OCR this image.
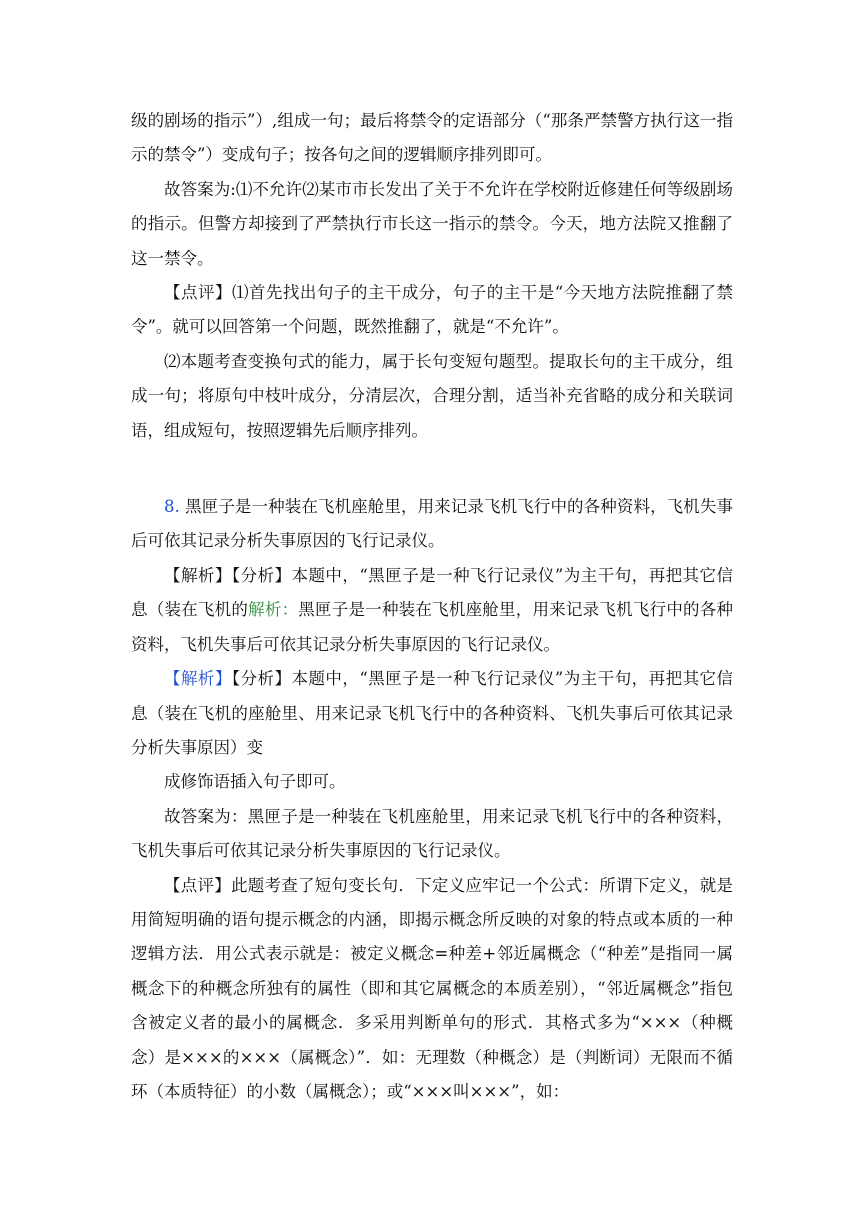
级的剧场的指示”）,组成一句；最后将禁令的定语部分（“那条严禁警方执行这一指示的禁令”）变成句子；按各句之间的逻辑顺序排列即可。

故答案为:⑴不允许⑵某市市长发出了关于不允许在学校附近修建任何等级剧场的指示。但警方却接到了严禁执行市长这一指示的禁令。今天，地方法院又推翻了这一禁令。

【点评】⑴首先找出句子的主干成分，句子的主干是“今天地方法院推翻了禁令”。就可以回答第一个问题，既然推翻了，就是“不允许”。

⑵本题考查变换句式的能力，属于长句变短句题型。提取长句的主干成分，组成一句；将原句中枝叶成分，分清层次，合理分割，适当补充省略的成分和关联词语，组成短句，按照逻辑先后顺序排列。

8. 黑匣子是一种装在飞机座舱里，用来记录飞机飞行中的各种资料，飞机失事后可依其记录分析失事原因的飞行记录仪。

【解析】【分析】本题中，“黑匣子是一种飞行记录仪”为主干句，再把其它信息（装在飞机的解析：黑匣子是一种装在飞机座舱里，用来记录飞机飞行中的各种资料，飞机失事后可依其记录分析失事原因的飞行记录仪。

【解析】【分析】本题中，“黑匣子是一种飞行记录仪”为主干句，再把其它信息（装在飞机的座舱里、用来记录飞机飞行中的各种资料、飞机失事后可依其记录分析失事原因）变

成修饰语插入句子即可。

故答案为：黑匣子是一种装在飞机座舱里，用来记录飞机飞行中的各种资料，飞机失事后可依其记录分析失事原因的飞行记录仪。

【点评】此题考查了短句变长句．下定义应牢记一个公式：所谓下定义，就是用简短明确的语句提示概念的内涵，即揭示概念所反映的对象的特点或本质的一种逻辑方法．用公式表示就是：被定义概念=种差+邻近属概念（“种差”是指同一属概念下的种概念所独有的属性（即和其它属概念的本质差别），“邻近属概念”指包含被定义者的最小的属概念．多采用判断单句的形式．其格式多为“×××（种概念）是×××的×××（属概念）”．如：无理数（种概念）是（判断词）无限而不循环（本质特征）的小数（属概念）；或“×××叫×××”，如：
